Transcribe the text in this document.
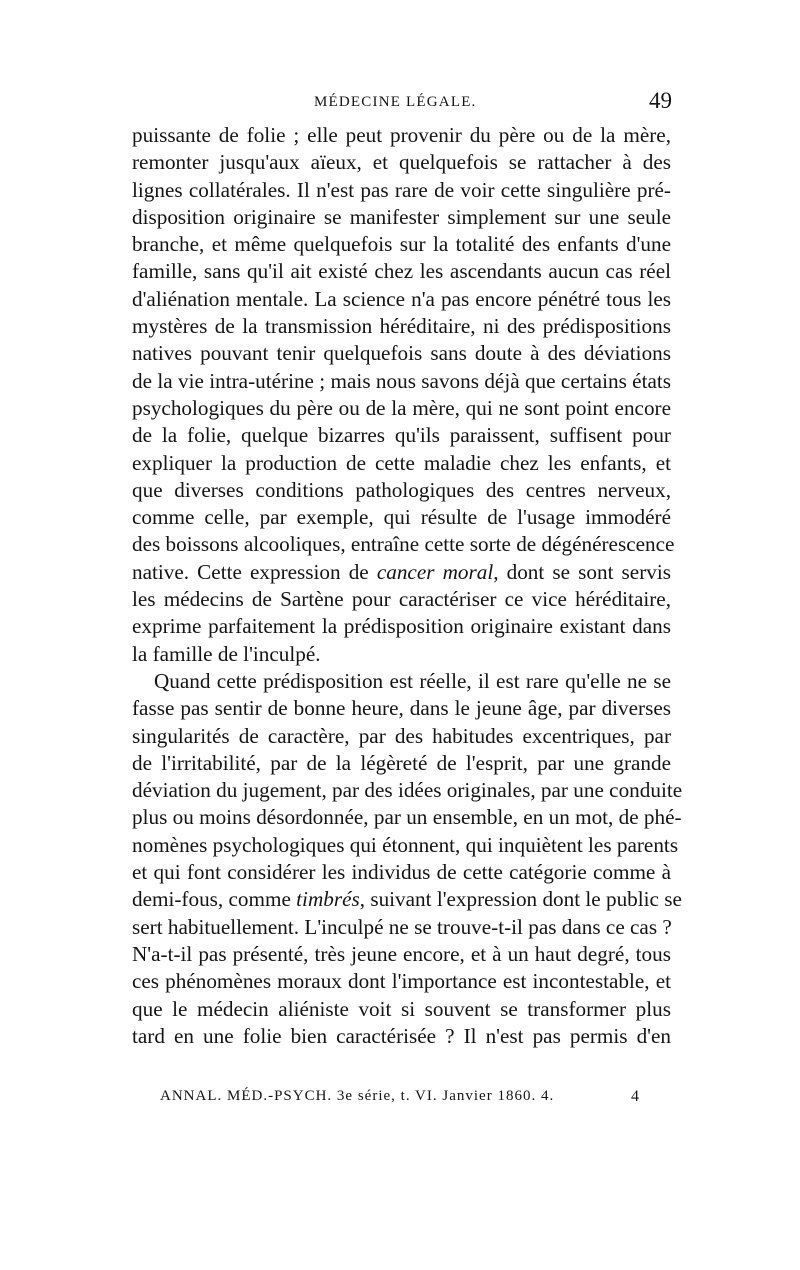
MÉDECINE LÉGALE.	49
puissante de folie ; elle peut provenir du père ou de la mère,
remonter jusqu'aux aïeux, et quelquefois se rattacher à des
lignes collatérales. Il n'est pas rare de voir cette singulière pré-
disposition originaire se manifester simplement sur une seule
branche, et même quelquefois sur la totalité des enfants d'une
famille, sans qu'il ait existé chez les ascendants aucun cas réel
d'aliénation mentale. La science n'a pas encore pénétré tous les
mystères de la transmission héréditaire, ni des prédispositions
natives pouvant tenir quelquefois sans doute à des déviations
de la vie intra-utérine ; mais nous savons déjà que certains états
psychologiques du père ou de la mère, qui ne sont point encore
de la folie, quelque bizarres qu'ils paraissent, suffisent pour
expliquer la production de cette maladie chez les enfants, et
que diverses conditions pathologiques des centres nerveux,
comme celle, par exemple, qui résulte de l'usage immodéré
des boissons alcooliques, entraîne cette sorte de dégénérescence
native. Cette expression de cancer moral, dont se sont servis
les médecins de Sartène pour caractériser ce vice héréditaire,
exprime parfaitement la prédisposition originaire existant dans
la famille de l'inculpé.
Quand cette prédisposition est réelle, il est rare qu'elle ne se
fasse pas sentir de bonne heure, dans le jeune âge, par diverses
singularités de caractère, par des habitudes excentriques, par
de l'irritabilité, par de la légèreté de l'esprit, par une grande
déviation du jugement, par des idées originales, par une conduite
plus ou moins désordonnée, par un ensemble, en un mot, de phé-
nomènes psychologiques qui étonnent, qui inquiètent les parents
et qui font considérer les individus de cette catégorie comme à
demi-fous, comme timbrés, suivant l'expression dont le public se
sert habituellement. L'inculpé ne se trouve-t-il pas dans ce cas ?
N'a-t-il pas présenté, très jeune encore, et à un haut degré, tous
ces phénomènes moraux dont l'importance est incontestable, et
que le médecin aliéniste voit si souvent se transformer plus
tard en une folie bien caractérisée ? Il n'est pas permis d'en
ANNAL. MÉD.-PSYCH. 3e série, t. VI. Janvier 1860. 4.	4
